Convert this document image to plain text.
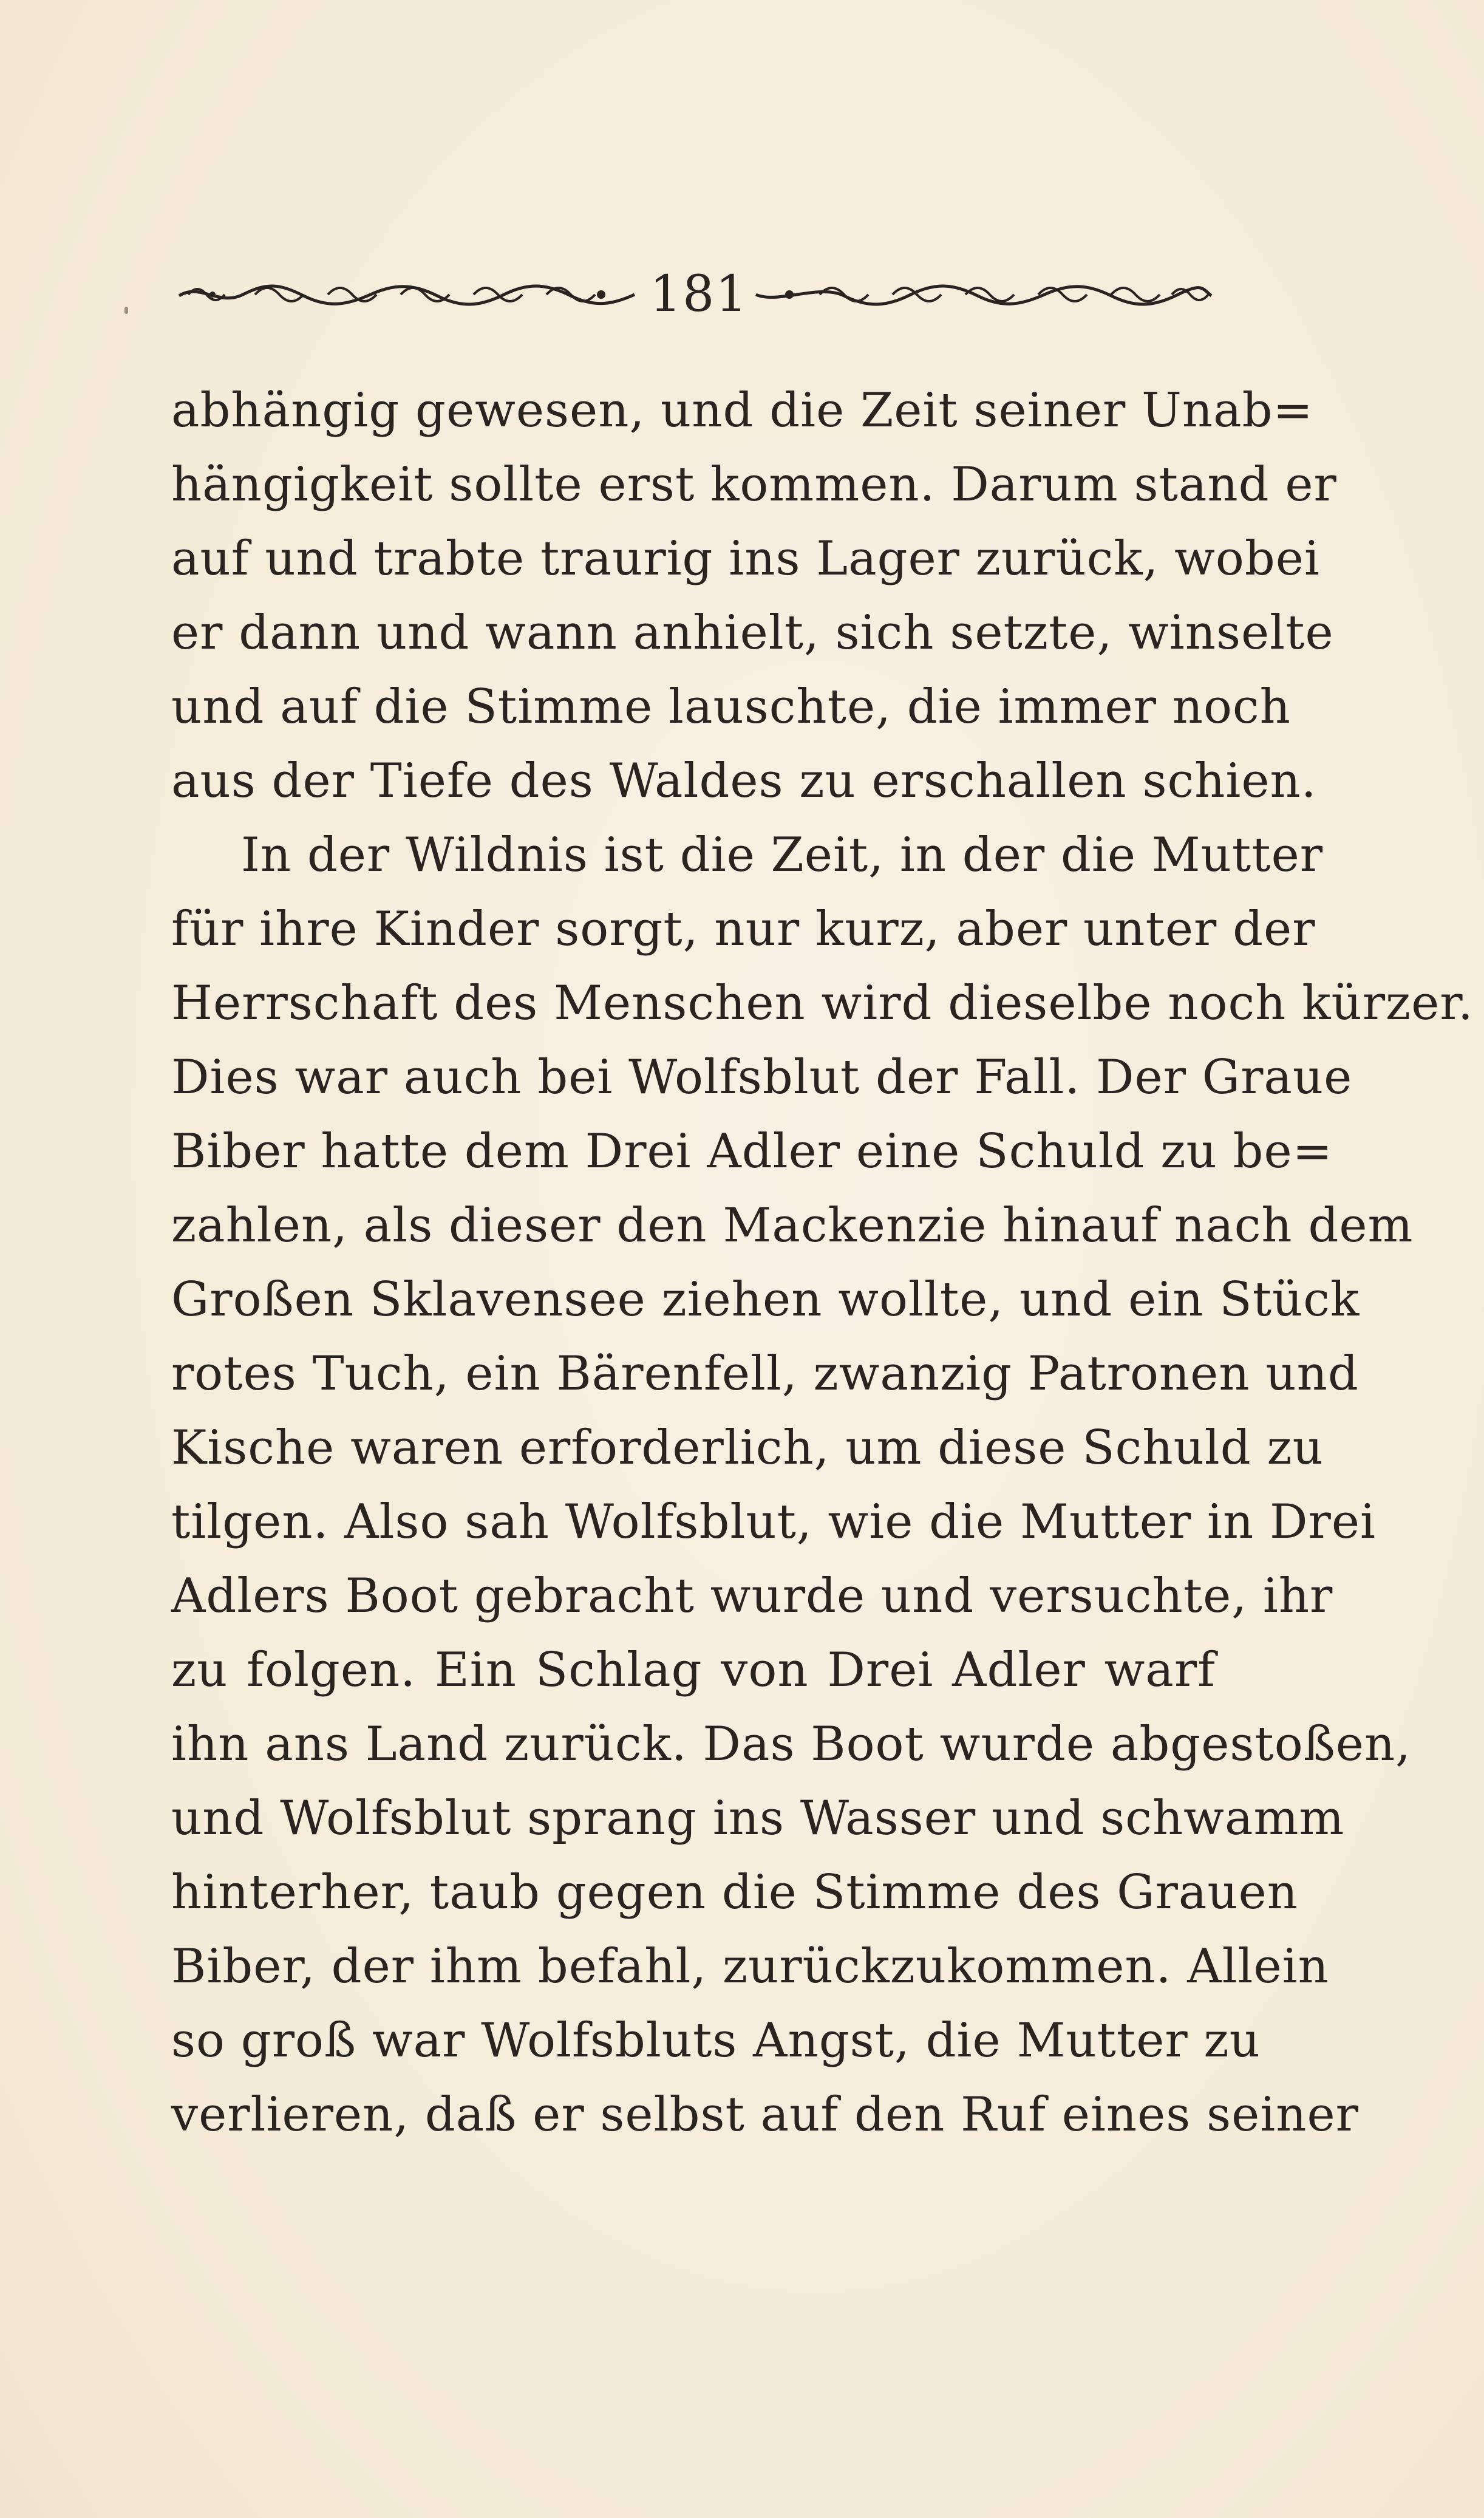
181
abhängig gewesen, und die Zeit seiner Unab=
hängigkeit sollte erst kommen. Darum stand er
auf und trabte traurig ins Lager zurück, wobei
er dann und wann anhielt, sich setzte, winselte
und auf die Stimme lauschte, die immer noch
aus der Tiefe des Waldes zu erschallen schien.
In der Wildnis ist die Zeit, in der die Mutter
für ihre Kinder sorgt, nur kurz, aber unter der
Herrschaft des Menschen wird dieselbe noch kürzer.
Dies war auch bei Wolfsblut der Fall. Der Graue
Biber hatte dem Drei Adler eine Schuld zu be=
zahlen, als dieser den Mackenzie hinauf nach dem
Großen Sklavensee ziehen wollte, und ein Stück
rotes Tuch, ein Bärenfell, zwanzig Patronen und
Kische waren erforderlich, um diese Schuld zu
tilgen. Also sah Wolfsblut, wie die Mutter in Drei
Adlers Boot gebracht wurde und versuchte, ihr
zu folgen. Ein Schlag von Drei Adler warf
ihn ans Land zurück. Das Boot wurde abgestoßen,
und Wolfsblut sprang ins Wasser und schwamm
hinterher, taub gegen die Stimme des Grauen
Biber, der ihm befahl, zurückzukommen. Allein
so groß war Wolfsbluts Angst, die Mutter zu
verlieren, daß er selbst auf den Ruf eines seiner
